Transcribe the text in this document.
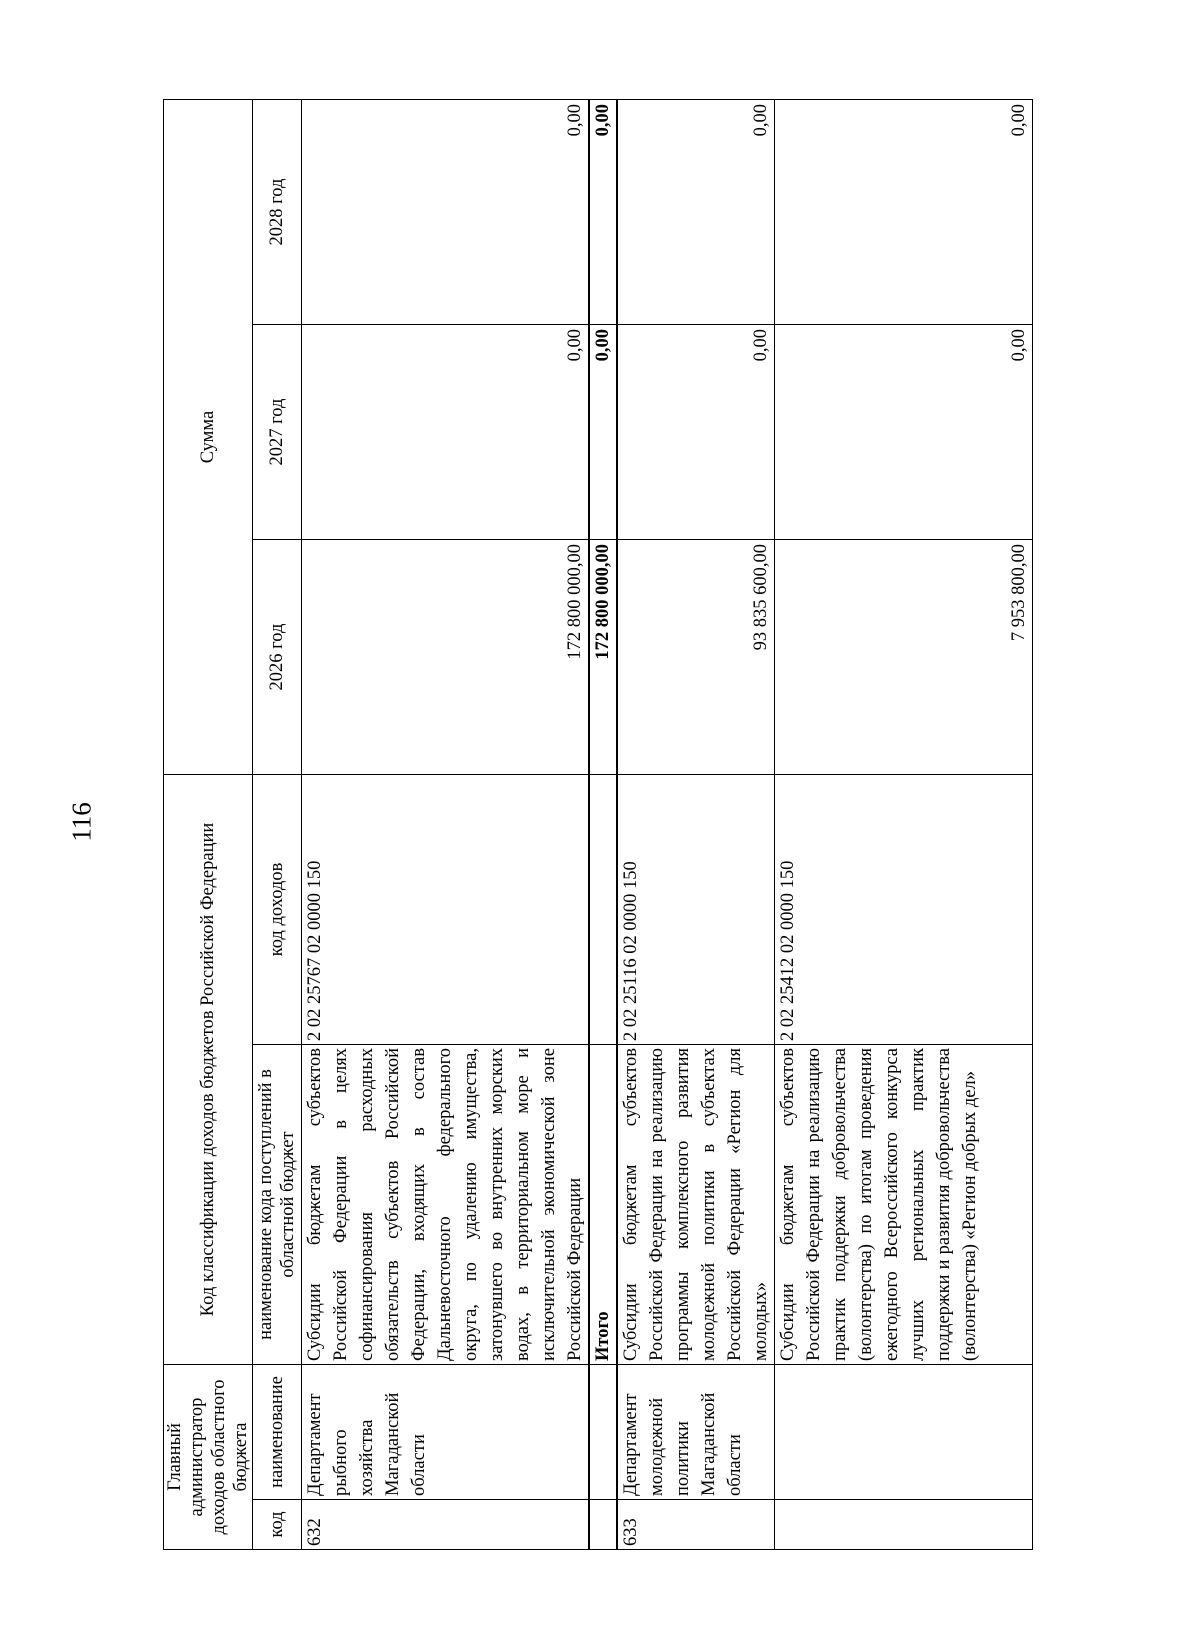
116
Главный администратор доходов областного бюджета		Код классификации доходов бюджетов Российской Федерации		Сумма		
код	наименование	наименование кода поступлений в областной бюджет	код доходов	2026 год	2027 год	2028 год
632	Департамент рыбного хозяйства Магаданской области	Субсидии бюджетам субъектов Российской Федерации в целях софинансирования расходных обязательств субъектов Российской Федерации, входящих в состав Дальневосточного федерального округа, по удалению имущества, затонувшего во внутренних морских водах, в территориальном море и исключительной экономической зоне Российской Федерации	2 02 25767 02 0000 150	172 800 000,00	0,00	0,00
		Итого		172 800 000,00	0,00	0,00
633	Департамент молодежной политики Магаданской области	Субсидии бюджетам субъектов Российской Федерации на реализацию программы комплексного развития молодежной политики в субъектах Российской Федерации «Регион для молодых»	2 02 25116 02 0000 150	93 835 600,00	0,00	0,00
		Субсидии бюджетам субъектов Российской Федерации на реализацию практик поддержки добровольчества (волонтерства) по итогам проведения ежегодного Всероссийского конкурса лучших региональных практик поддержки и развития добровольчества (волонтерства) «Регион добрых дел»	2 02 25412 02 0000 150	7 953 800,00	0,00	0,00
